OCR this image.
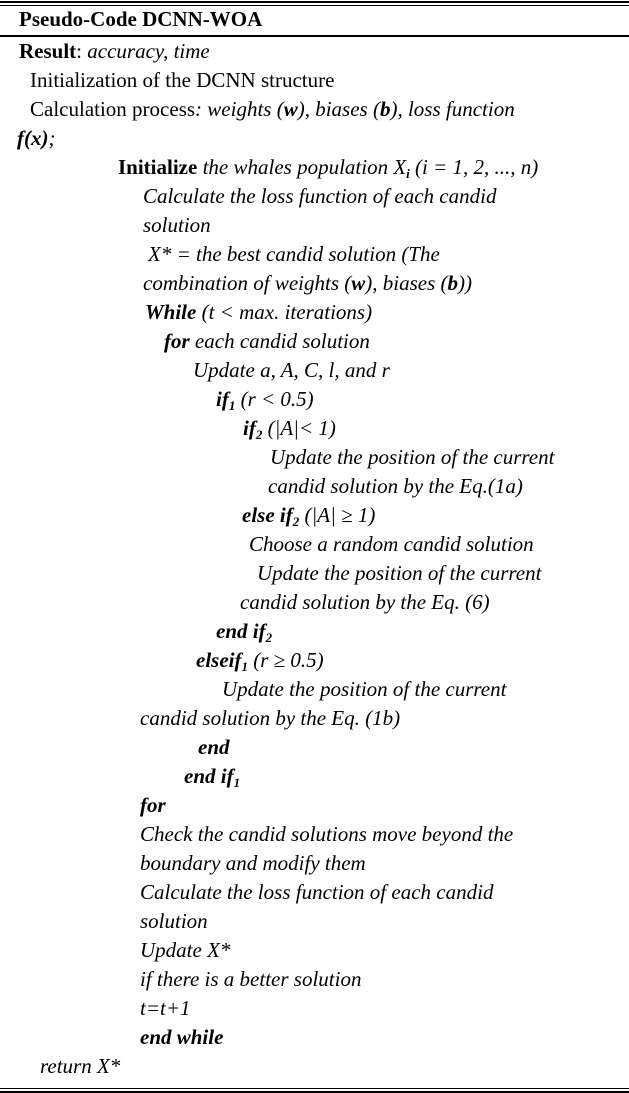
Pseudo-Code DCNN-WOA
Result: accuracy, time
Initialization of the DCNN structure
Calculation process: weights (w), biases (b), loss function
f(x);
Initialize the whales population $X_i$ (i = 1, 2, ..., n)
Calculate the loss function of each candid
solution
X* = the best candid solution (The
combination of weights (w), biases (b))
While (t < max. iterations)
for each candid solution
Update a, A, C, l, and r
$if_1$ (r < 0.5)
$if_2$ (|A|< 1)
Update the position of the current
candid solution by the Eq.(1a)
else $if_2$ (|A| ≥ 1)
Choose a random candid solution
Update the position of the current
candid solution by the Eq. (6)
end $if_2$
elseif$_1$ (r ≥ 0.5)
Update the position of the current
candid solution by the Eq. (1b)
end
end $if_1$
for
Check the candid solutions move beyond the
boundary and modify them
Calculate the loss function of each candid
solution
Update X*
if there is a better solution
t=t+1
end while
return X*
